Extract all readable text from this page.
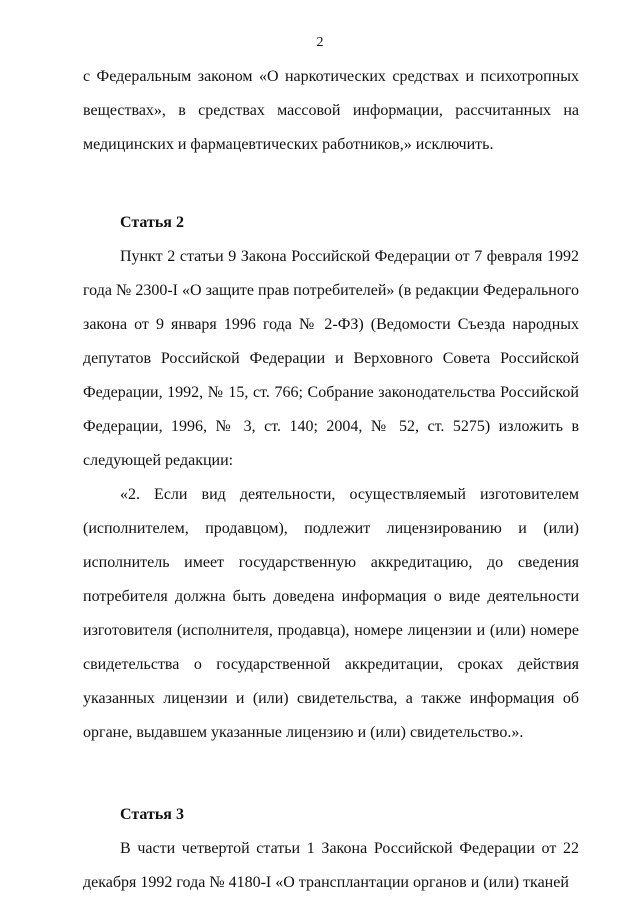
2

с Федеральным законом «О наркотических средствах и психотропных веществах», в средствах массовой информации, рассчитанных на медицинских и фармацевтических работников,» исключить.

Статья 2

Пункт 2 статьи 9 Закона Российской Федерации от 7 февраля 1992 года № 2300-I «О защите прав потребителей» (в редакции Федерального закона от 9 января 1996 года № 2-ФЗ) (Ведомости Съезда народных депутатов Российской Федерации и Верховного Совета Российской Федерации, 1992, № 15, ст. 766; Собрание законодательства Российской Федерации, 1996, № 3, ст. 140; 2004, № 52, ст. 5275) изложить в следующей редакции:

«2. Если вид деятельности, осуществляемый изготовителем (исполнителем, продавцом), подлежит лицензированию и (или) исполнитель имеет государственную аккредитацию, до сведения потребителя должна быть доведена информация о виде деятельности изготовителя (исполнителя, продавца), номере лицензии и (или) номере свидетельства о государственной аккредитации, сроках действия указанных лицензии и (или) свидетельства, а также информация об органе, выдавшем указанные лицензию и (или) свидетельство.».

Статья 3

В части четвертой статьи 1 Закона Российской Федерации от 22 декабря 1992 года № 4180-I «О трансплантации органов и (или) тканей
